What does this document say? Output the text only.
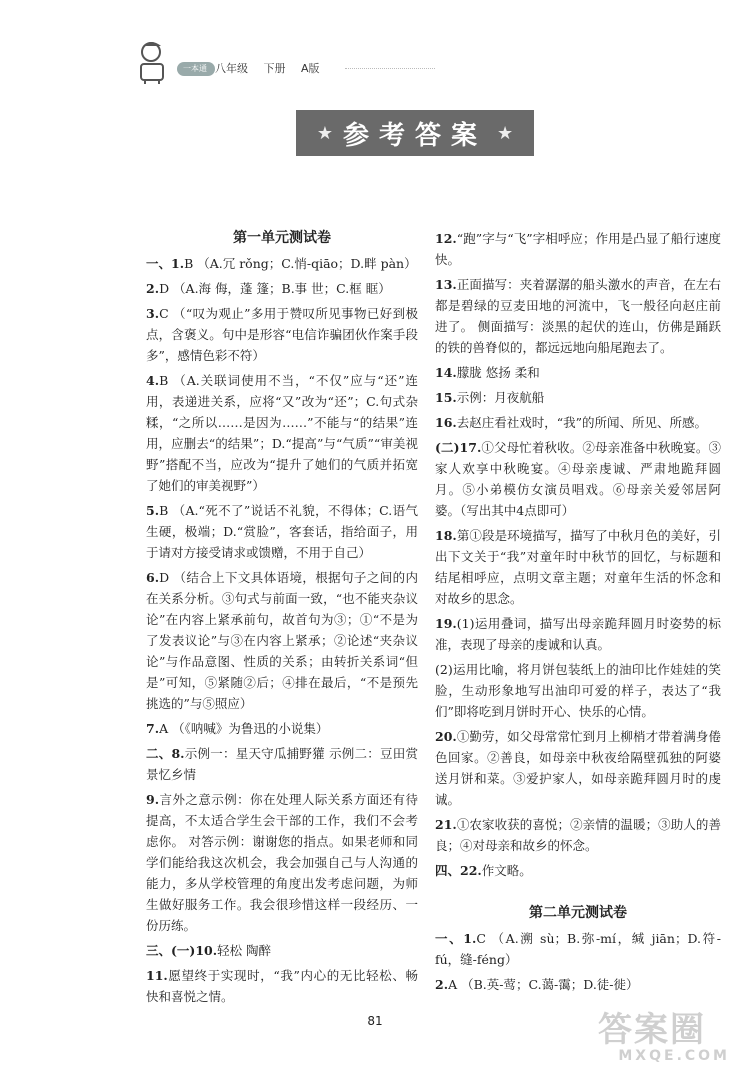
一本通 八年级 下册 A版
★ 参考答案 ★
第一单元测试卷

一、1.B （A.冗 rǒng；C.悄-qiāo；D.畔 pàn）

2.D （A.海 侮，蓬 篷；B.事 世；C.框 眶）

3.C （“叹为观止”多用于赞叹所见事物已好到极点，含褒义。句中是形容“电信诈骗团伙作案手段多”，感情色彩不符）

4.B （A.关联词使用不当，“不仅”应与“还”连用，表递进关系，应将“又”改为“还”；C.句式杂糅，“之所以……是因为……”不能与“的结果”连用，应删去“的结果”；D.“提高”与“气质”“审美视野”搭配不当，应改为“提升了她们的气质并拓宽了她们的审美视野”）

5.B （A.“死不了”说话不礼貌，不得体；C.语气生硬，极端；D.“赏脸”，客套话，指给面子，用于请对方接受请求或馈赠，不用于自己）

6.D （结合上下文具体语境，根据句子之间的内在关系分析。③句式与前面一致，“也不能夹杂议论”在内容上紧承前句，故首句为③；①“不是为了发表议论”与③在内容上紧承；②论述“夹杂议论”与作品意图、性质的关系；由转折关系词“但是”可知，⑤紧随②后；④排在最后，“不是预先挑选的”与⑤照应）

7.A （《呐喊》为鲁迅的小说集）

二、8.示例一：星天守瓜捕野獾 示例二：豆田赏景忆乡情

9.言外之意示例：你在处理人际关系方面还有待提高，不太适合学生会干部的工作，我们不会考虑你。 对答示例：谢谢您的指点。如果老师和同学们能给我这次机会，我会加强自己与人沟通的能力，多从学校管理的角度出发考虑问题，为师生做好服务工作。我会很珍惜这样一段经历、一份历练。

三、(一)10.轻松 陶醉

11.愿望终于实现时，“我”内心的无比轻松、畅快和喜悦之情。

12.“跑”字与“飞”字相呼应；作用是凸显了船行速度快。

13.正面描写：夹着潺潺的船头激水的声音，在左右都是碧绿的豆麦田地的河流中，飞一般径向赵庄前进了。 侧面描写：淡黑的起伏的连山，仿佛是踊跃的铁的兽脊似的，都远远地向船尾跑去了。

14.朦胧 悠扬 柔和

15.示例：月夜航船

16.去赵庄看社戏时，“我”的所闻、所见、所感。

(二)17.①父母忙着秋收。②母亲准备中秋晚宴。③家人欢享中秋晚宴。④母亲虔诚、严肃地跪拜圆月。⑤小弟模仿女演员唱戏。⑥母亲关爱邻居阿婆。（写出其中4点即可）

18.第①段是环境描写，描写了中秋月色的美好，引出下文关于“我”对童年时中秋节的回忆，与标题和结尾相呼应，点明文章主题；对童年生活的怀念和对故乡的思念。

19.(1)运用叠词，描写出母亲跪拜圆月时姿势的标准，表现了母亲的虔诚和认真。

(2)运用比喻，将月饼包装纸上的油印比作娃娃的笑脸，生动形象地写出油印可爱的样子，表达了“我们”即将吃到月饼时开心、快乐的心情。

20.①勤劳，如父母常常忙到月上柳梢才带着满身倦色回家。②善良，如母亲中秋夜给隔壁孤独的阿婆送月饼和菜。③爱护家人，如母亲跪拜圆月时的虔诚。

21.①农家收获的喜悦；②亲情的温暖；③助人的善良；④对母亲和故乡的怀念。

四、22.作文略。

第二单元测试卷

一、1.C （A.溯 sù；B.弥-mí，缄 jiān；D.符-fú，缝-féng）

2.A （B.英-莺；C.蔼-霭；D.徒-徙）

81	答案圈
MXQE.COM
